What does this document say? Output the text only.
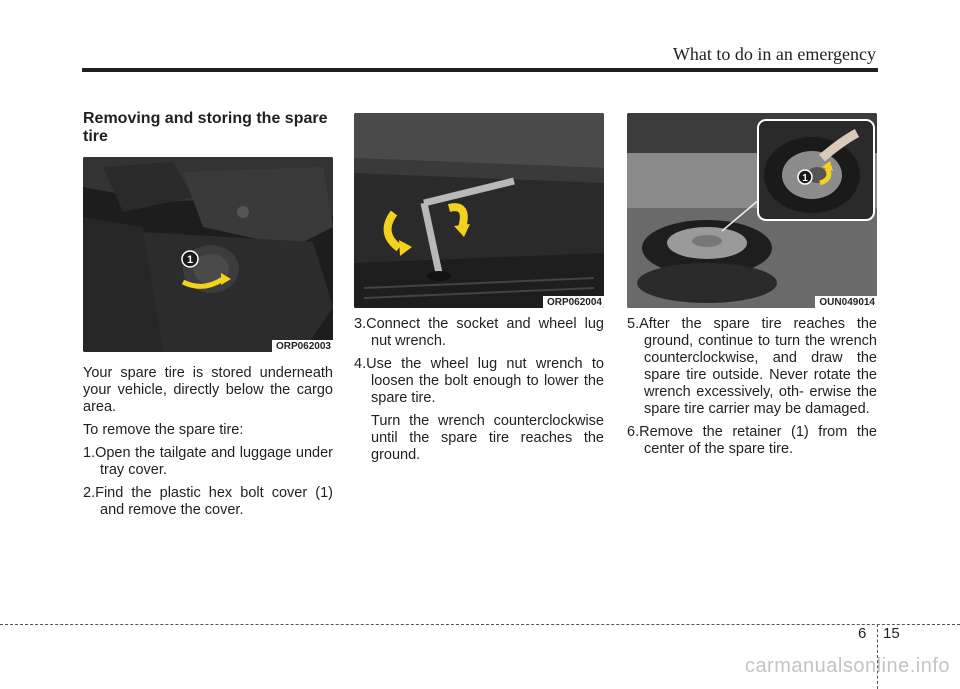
What to do in an emergency
Removing and storing the spare tire
1
ORP062003
ORP062004
1
OUN049014

Your spare tire is stored underneath your vehicle, directly below the cargo area.

To remove the spare tire:

1.Open the tailgate and luggage under tray cover.
2.Find the plastic hex bolt cover (1) and remove the cover.
3.Connect the socket and wheel lug nut wrench.
4.Use the wheel lug nut wrench to loosen the bolt enough to lower the spare tire.
Turn the wrench counterclockwise until the spare tire reaches the ground.
5.After the spare tire reaches the ground, continue to turn the wrench counterclockwise, and draw the spare tire outside. Never rotate the wrench excessively, oth- erwise the spare tire carrier may be damaged.
6.Remove the retainer (1) from the center of the spare tire.
6 15
carmanualsonline.info
